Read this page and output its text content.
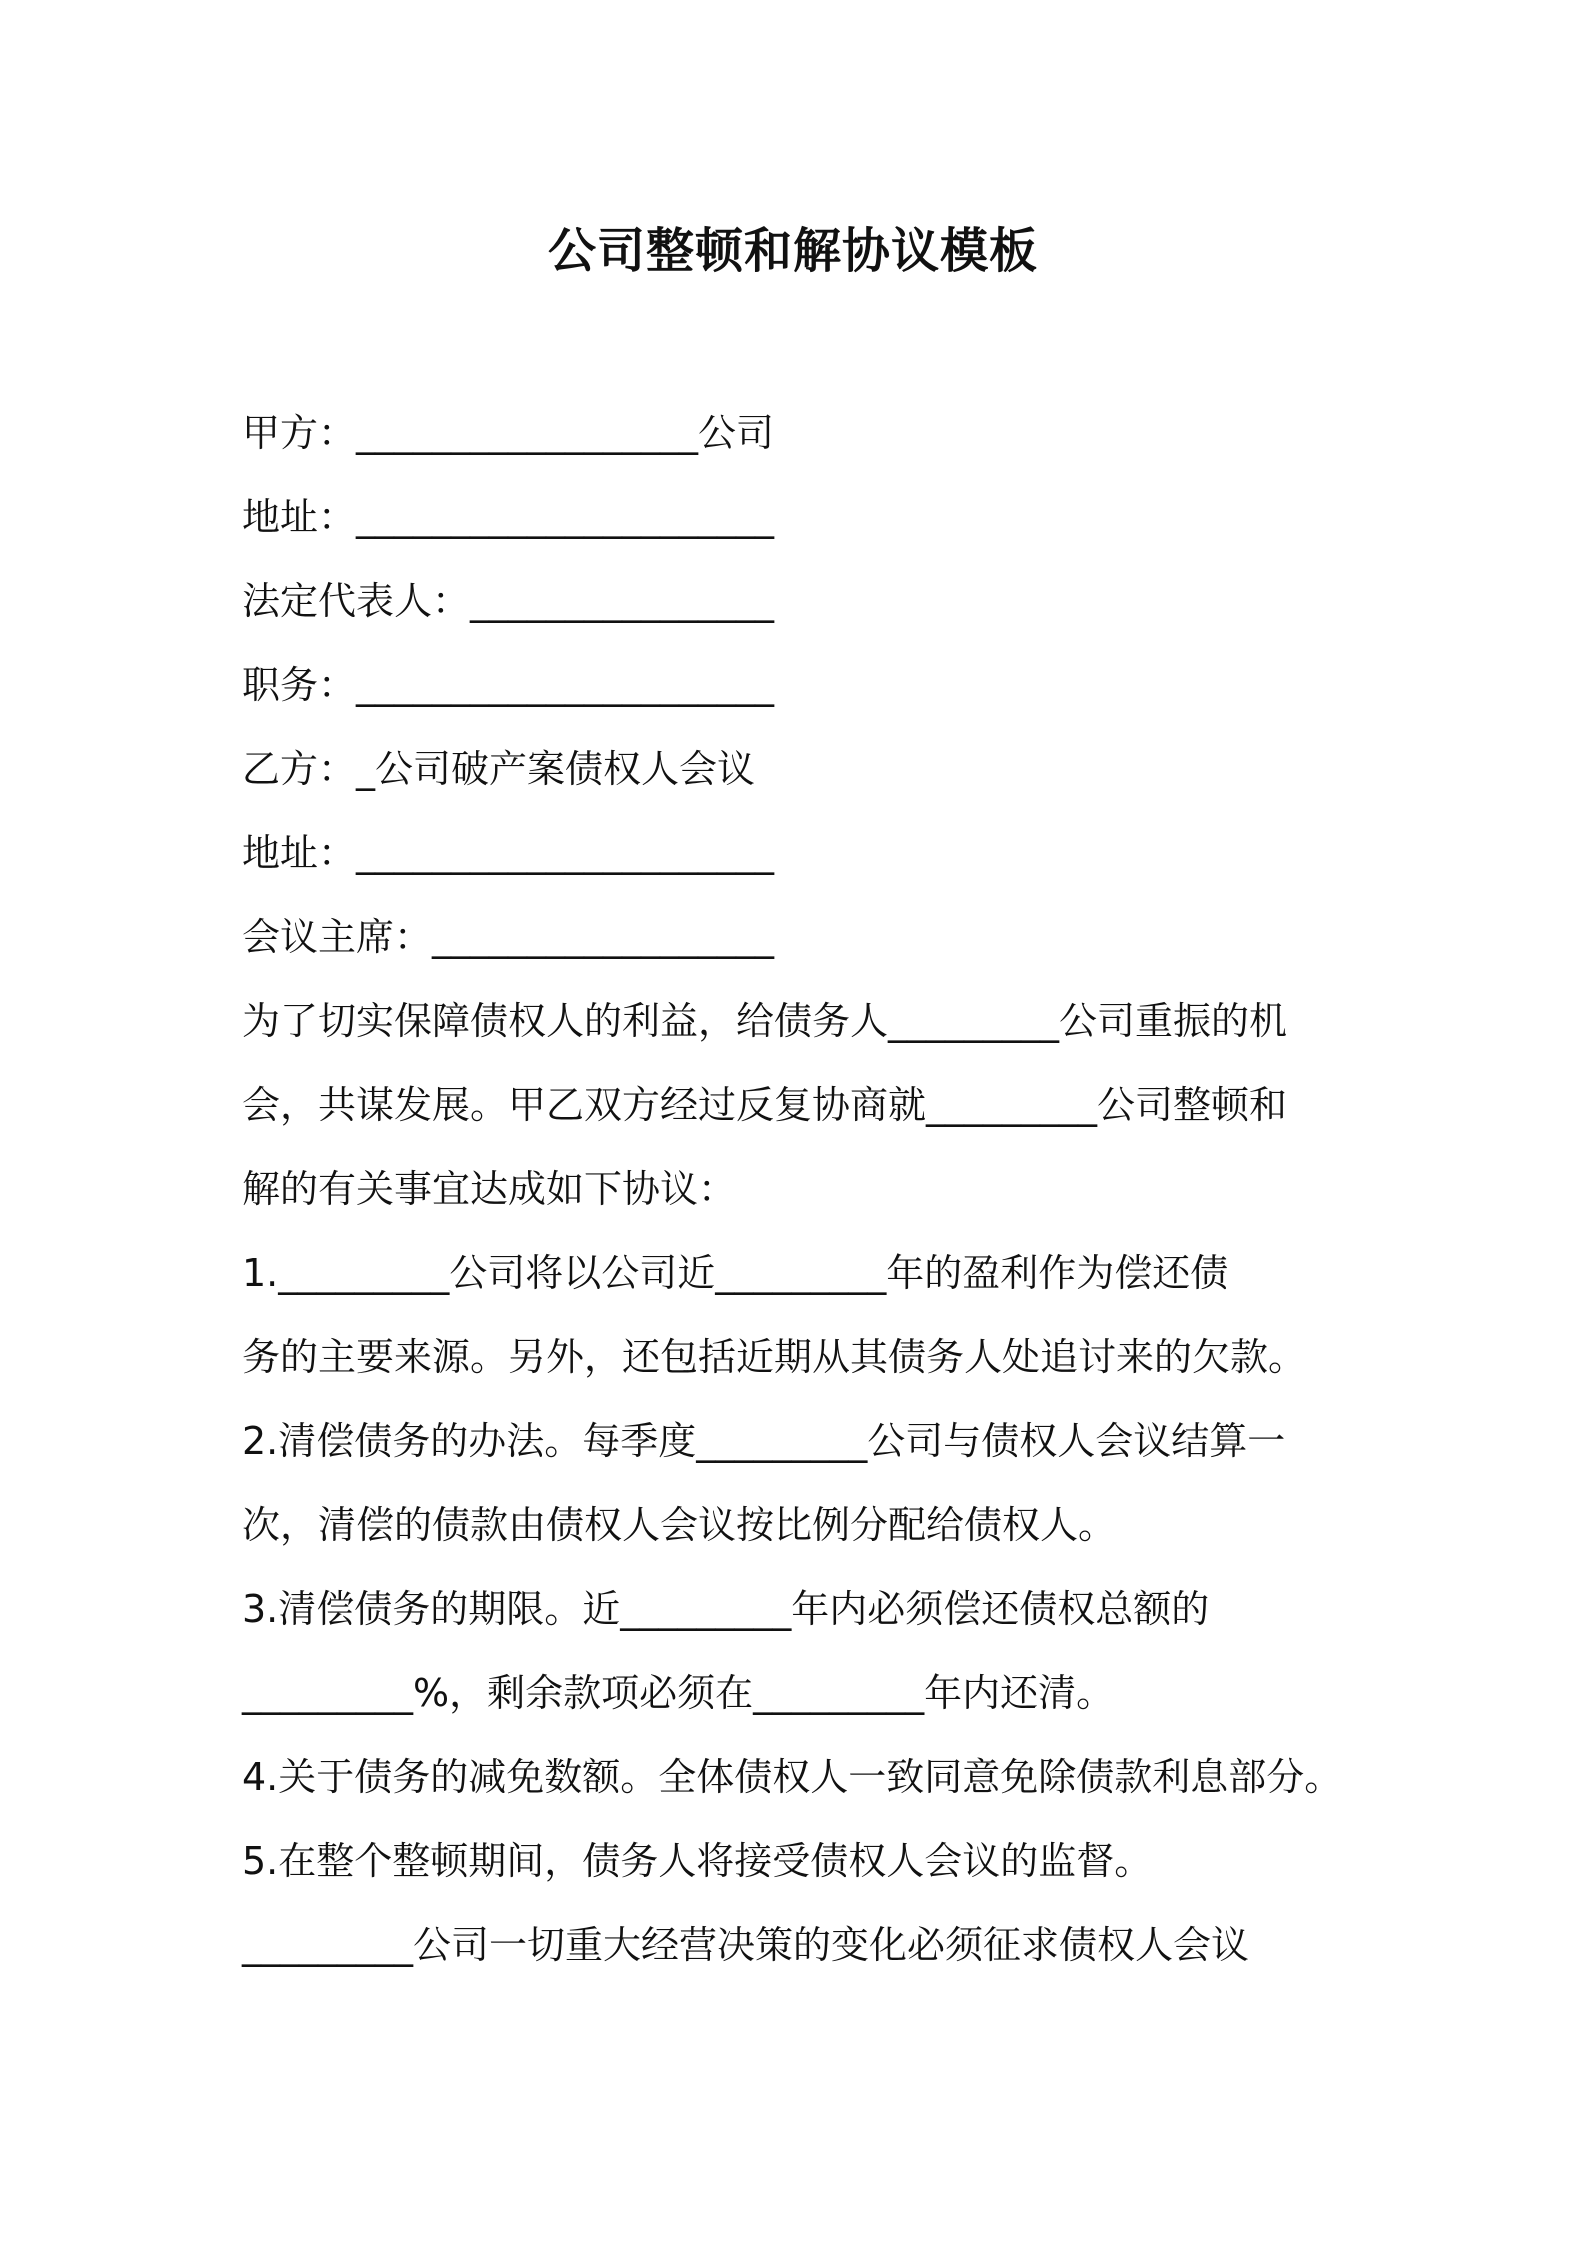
公司整顿和解协议模板

甲方：__________________公司

地址：______________________

法定代表人：________________

职务：______________________

乙方：_公司破产案债权人会议

地址：______________________

会议主席：__________________

为了切实保障债权人的利益，给债务人_________公司重振的机

会，共谋发展。甲乙双方经过反复协商就_________公司整顿和

解的有关事宜达成如下协议：

1._________公司将以公司近_________年的盈利作为偿还债

务的主要来源。另外，还包括近期从其债务人处追讨来的欠款。

2.清偿债务的办法。每季度_________公司与债权人会议结算一

次，清偿的债款由债权人会议按比例分配给债权人。

3.清偿债务的期限。近_________年内必须偿还债权总额的

_________%，剩余款项必须在_________年内还清。

4.关于债务的减免数额。全体债权人一致同意免除债款利息部分。

5.在整个整顿期间，债务人将接受债权人会议的监督。

_________公司一切重大经营决策的变化必须征求债权人会议
